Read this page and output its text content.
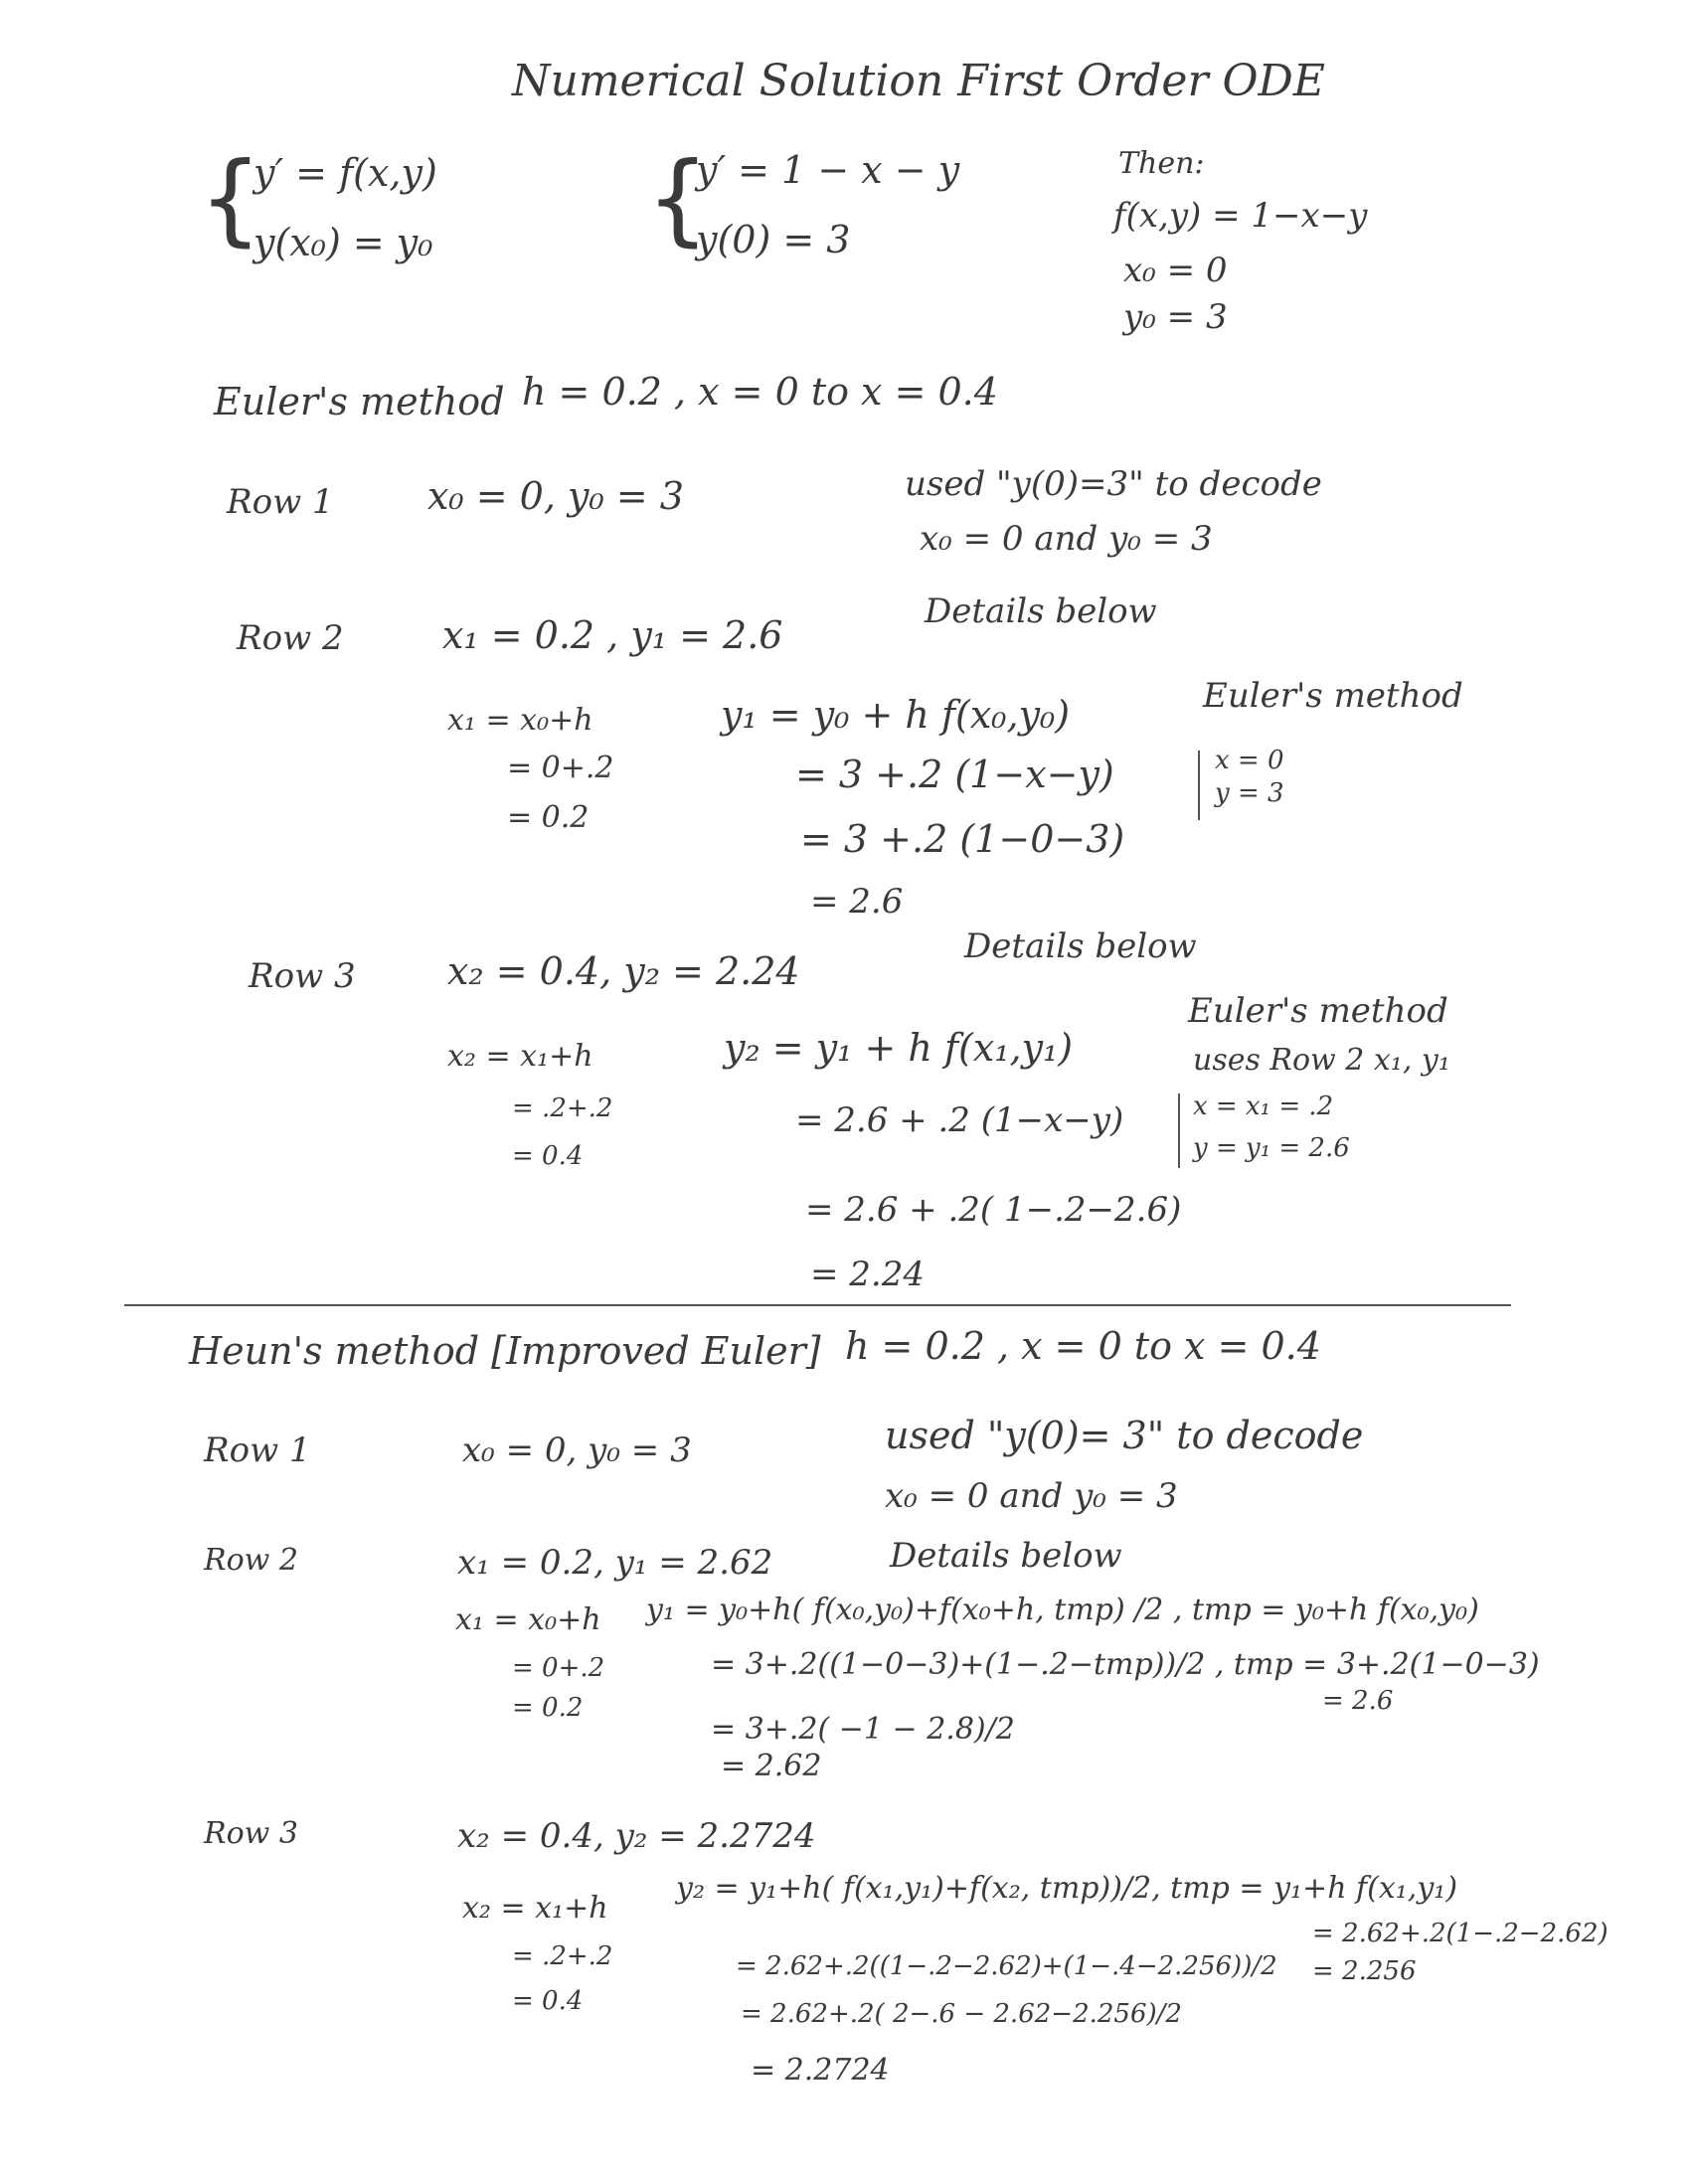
Numerical Solution First Order ODE
{
y′ = f(x,y)
y(x₀) = y₀ {
y′ = 1 − x − y
y(0) = 3
Then:
f(x,y) = 1−x−y
x₀ = 0
y₀ = 3
Euler's method h = 0.2 , x = 0 to x = 0.4
Row 1 x₀ = 0, y₀ = 3	used "y(0)=3" to decode
x₀ = 0 and y₀ = 3
Row 2	x₁ = 0.2 , y₁ = 2.6
Details below
x₁ = x₀+h
= 0+.2
= 0.2
y₁ = y₀ + h f(x₀,y₀)	Euler's method
= 3 +.2 (1−x−y)	x = 0
y = 3
= 3 +.2 (1−0−3)
= 2.6
Row 3 x₂ = 0.4, y₂ = 2.24
Details below
x₂ = x₁+h
= .2+.2
= 0.4
y₂ = y₁ + h f(x₁,y₁)
Euler's method
uses Row 2 x₁, y₁
= 2.6 + .2 (1−x−y)	x = x₁ = .2
y = y₁ = 2.6
= 2.6 + .2( 1−.2−2.6)
= 2.24
Heun's method [Improved Euler] h = 0.2 , x = 0 to x = 0.4
Row 1	x₀ = 0, y₀ = 3	used "y(0)= 3" to decode
x₀ = 0 and y₀ = 3
Row 2	x₁ = 0.2, y₁ = 2.62	Details below
x₁ = x₀+h
= 0+.2
= 0.2
y₁ = y₀+h( f(x₀,y₀)+f(x₀+h, tmp) /2 , tmp = y₀+h f(x₀,y₀)
= 3+.2((1−0−3)+(1−.2−tmp))/2 , tmp = 3+.2(1−0−3)
= 2.6
= 3+.2( −1 − 2.8)/2
= 2.62
Row 3	x₂ = 0.4, y₂ = 2.2724
x₂ = x₁+h
= .2+.2
= 0.4
y₂ = y₁+h( f(x₁,y₁)+f(x₂, tmp))/2, tmp = y₁+h f(x₁,y₁)
= 2.62+.2(1−.2−2.62)
= 2.256
= 2.62+.2((1−.2−2.62)+(1−.4−2.256))/2
= 2.62+.2( 2−.6 − 2.62−2.256)/2
= 2.2724
